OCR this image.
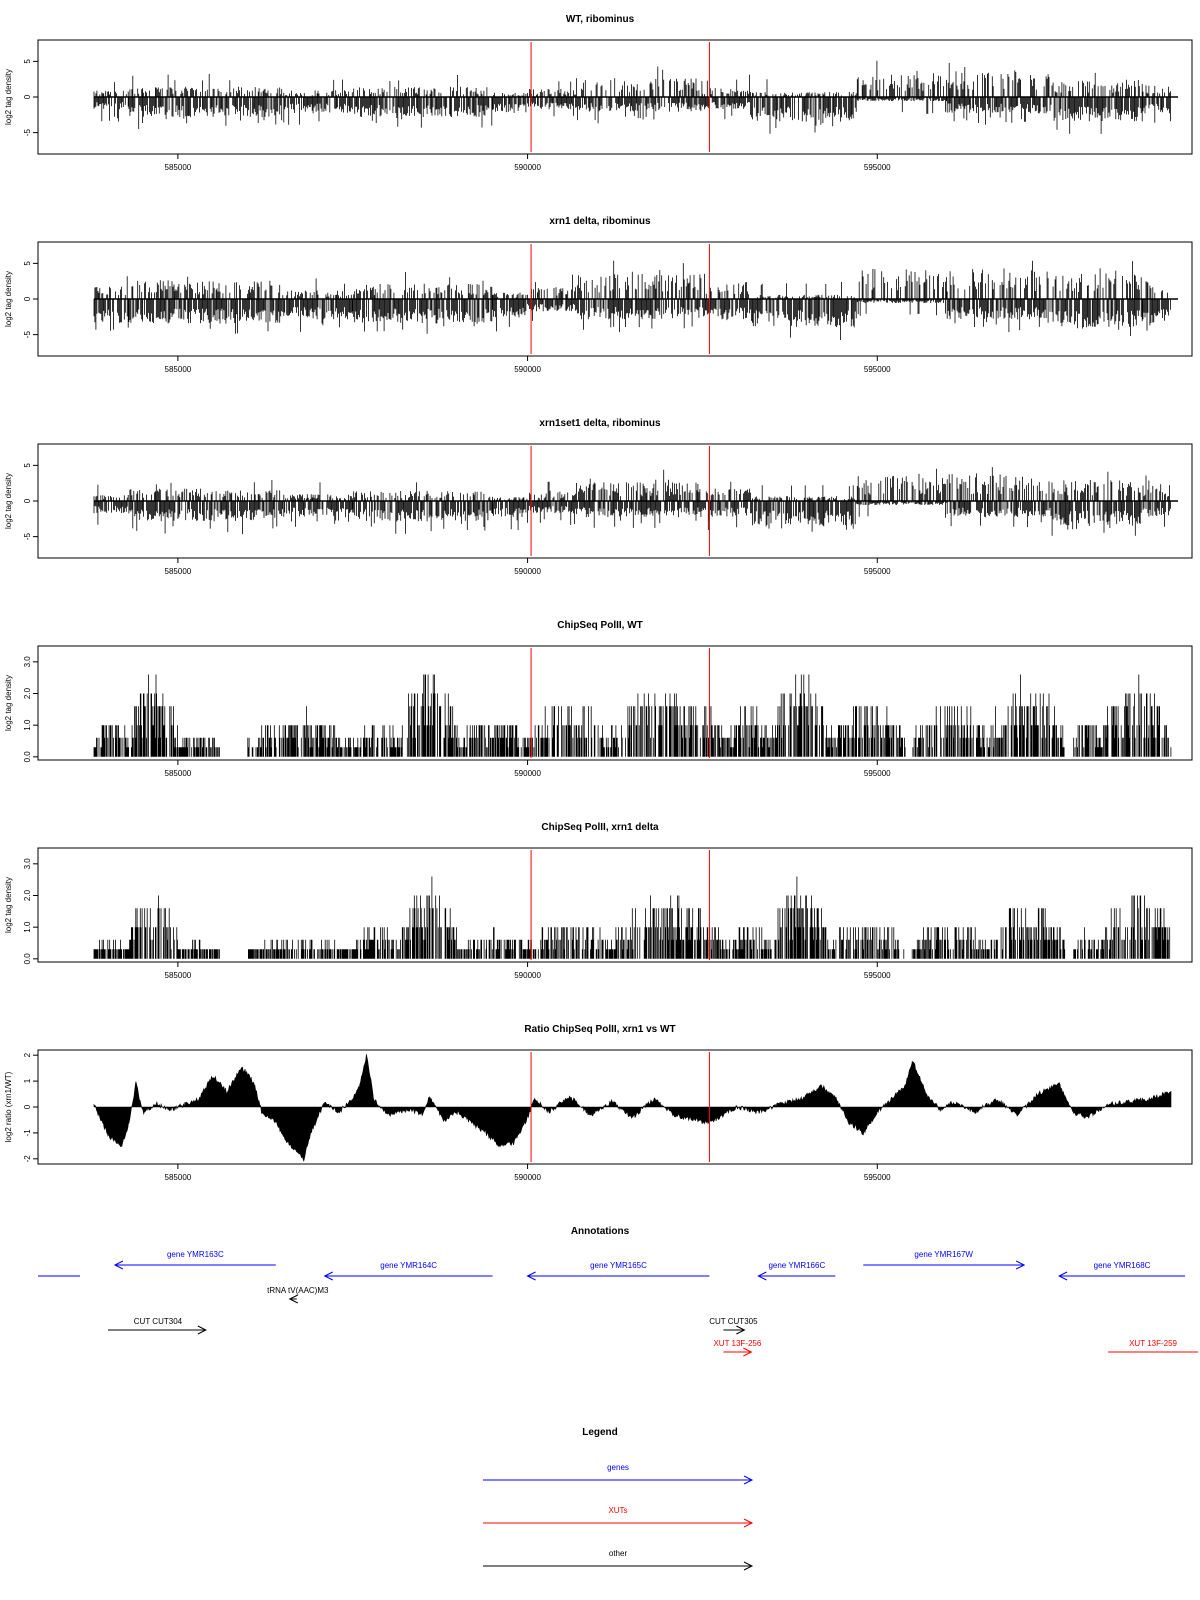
WT, ribominus
log2 tag density
-5
0
5
585000	590000	595000
xrn1 delta, ribominus
log2 tag density
-5
0
5
585000	590000	595000
xrn1set1 delta, ribominus
log2 tag density
-5
0
5
585000	590000	595000
ChipSeq PolII, WT
log2 tag density
0.0
1.0
2.0
3.0
585000	590000	595000
ChipSeq PolII, xrn1 delta
log2 tag density
0.0
1.0
2.0
3.0
585000	590000	595000
Ratio ChipSeq PolII, xrn1 vs WT
log2 ratio (xrn1/WT)
-2
-1
0
1
2
585000	590000	595000
Annotations
gene YMR163C
gene YMR164C	gene YMR165C	gene YMR166C
gene YMR167W
gene YMR168C
tRNA tV(AAC)M3
CUT CUT304	CUT CUT305
XUT 13F-256	XUT 13F-259
Legend
genes
XUTs
other
